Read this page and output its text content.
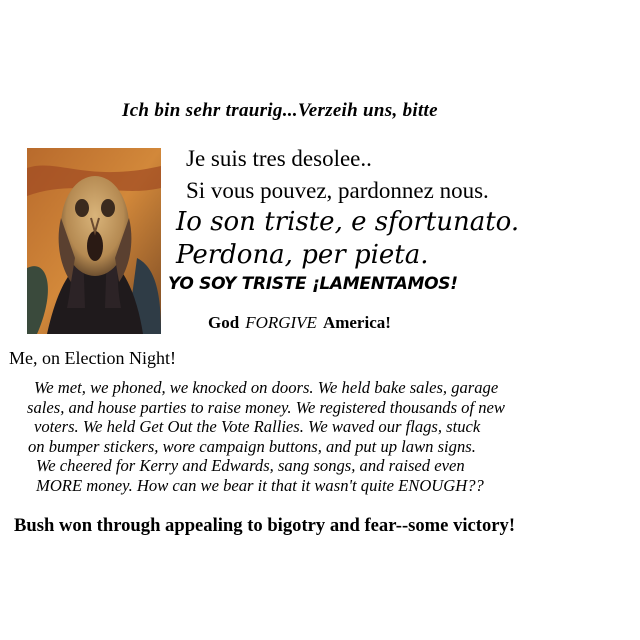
Ich bin sehr traurig...Verzeih uns, bitte
Je suis tres desolee..
Si vous pouvez, pardonnez nous.
Io son triste, e sfortunato.
Perdona, per pieta.
YO SOY TRISTE ¡LAMENTAMOS!
God FORGIVE America!
Me, on Election Night!
We met, we phoned, we knocked on doors. We held bake sales, garage
sales, and house parties to raise money. We registered thousands of new
voters. We held Get Out the Vote Rallies. We waved our flags, stuck
on bumper stickers, wore campaign buttons, and put up lawn signs.
We cheered for Kerry and Edwards, sang songs, and raised even
MORE money. How can we bear it that it wasn't quite ENOUGH??
Bush won through appealing to bigotry and fear--some victory!
